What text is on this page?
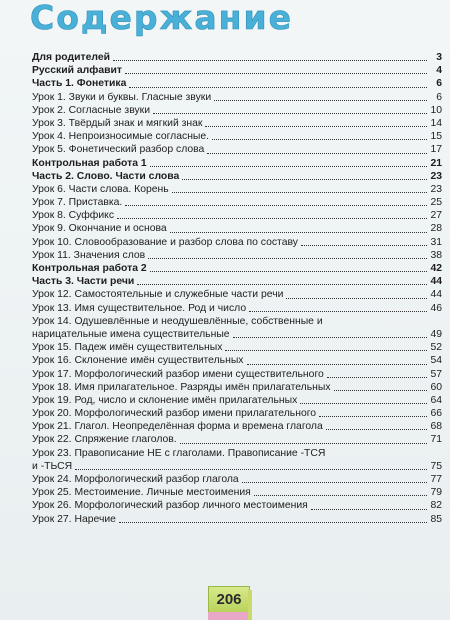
Содержание
Для родителей	3
Русский алфавит	4
Часть 1. Фонетика	6
Урок 1. Звуки и буквы. Гласные звуки	6
Урок 2. Согласные звуки	10
Урок 3. Твёрдый знак и мягкий знак	14
Урок 4. Непроизносимые согласные.	15
Урок 5. Фонетический разбор слова	17
Контрольная работа 1	21
Часть 2. Слово. Части слова	23
Урок 6. Части слова. Корень	23
Урок 7. Приставка.	25
Урок 8. Суффикс	27
Урок 9. Окончание и основа	28
Урок 10. Словообразование и разбор слова по составу	31
Урок 11. Значения слов	38
Контрольная работа 2	42
Часть 3. Части речи	44
Урок 12. Самостоятельные и служебные части речи	44
Урок 13. Имя существительное. Род и число	46
Урок 14. Одушевлённые и неодушевлённые, собственные и
нарицательные имена существительные	49
Урок 15. Падеж имён существительных	52
Урок 16. Склонение имён существительных	54
Урок 17. Морфологический разбор имени существительного	57
Урок 18. Имя прилагательное. Разряды имён прилагательных	60
Урок 19. Род, число и склонение имён прилагательных	64
Урок 20. Морфологический разбор имени прилагательного	66
Урок 21. Глагол. Неопределённая форма и времена глагола	68
Урок 22. Спряжение глаголов.	71
Урок 23. Правописание НЕ с глаголами. Правописание -ТСЯ
и -ТЬСЯ	75
Урок 24. Морфологический разбор глагола	77
Урок 25. Местоимение. Личные местоимения	79
Урок 26. Морфологический разбор личного местоимения	82
Урок 27. Наречие	85
206
